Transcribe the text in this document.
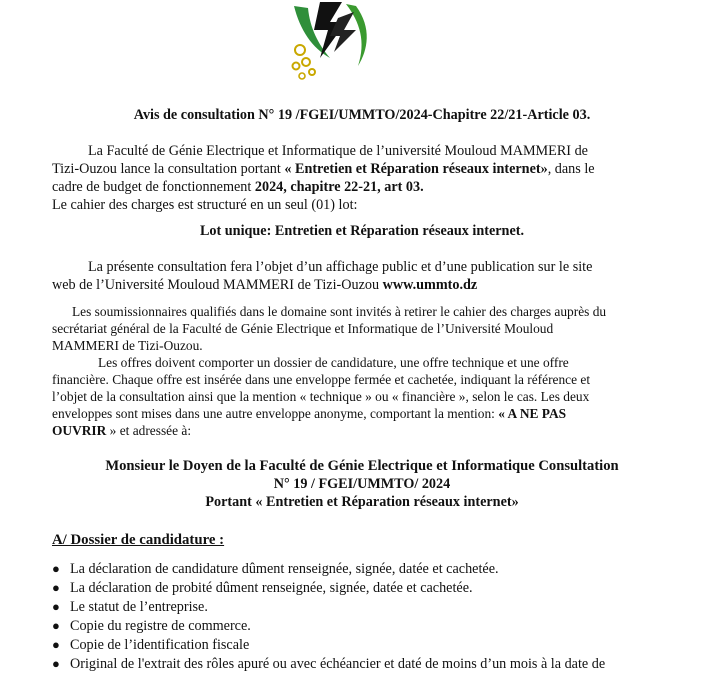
Avis de consultation N° 19 /FGEI/UMMTO/2024-Chapitre 22/21-Article 03.
La Faculté de Génie Electrique et Informatique de l’université Mouloud MAMMERI de
Tizi-Ouzou lance la consultation portant « Entretien et Réparation réseaux internet», dans le
cadre de budget de fonctionnement 2024, chapitre 22-21, art 03.
Le cahier des charges est structuré en un seul (01) lot:
Lot unique: Entretien et Réparation réseaux internet.
La présente consultation fera l’objet d’un affichage public et d’une publication sur le site
web de l’Université Mouloud MAMMERI de Tizi-Ouzou www.ummto.dz
Les soumissionnaires qualifiés dans le domaine sont invités à retirer le cahier des charges auprès du
secrétariat général de la Faculté de Génie Electrique et Informatique de l’Université Mouloud
MAMMERI de Tizi-Ouzou.
Les offres doivent comporter un dossier de candidature, une offre technique et une offre
financière. Chaque offre est insérée dans une enveloppe fermée et cachetée, indiquant la référence et
l’objet de la consultation ainsi que la mention « technique » ou « financière », selon le cas. Les deux
enveloppes sont mises dans une autre enveloppe anonyme, comportant la mention: « A NE PAS
OUVRIR » et adressée à:
Monsieur le Doyen de la Faculté de Génie Electrique et Informatique Consultation
N° 19 / FGEI/UMMTO/ 2024
Portant « Entretien et Réparation réseaux internet»
A/ Dossier de candidature :
● La déclaration de candidature dûment renseignée, signée, datée et cachetée.
● La déclaration de probité dûment renseignée, signée, datée et cachetée.
● Le statut de l’entreprise.
● Copie du registre de commerce.
● Copie de l’identification fiscale
● Original de l'extrait des rôles apuré ou avec échéancier et daté de moins d’un mois à la date de
